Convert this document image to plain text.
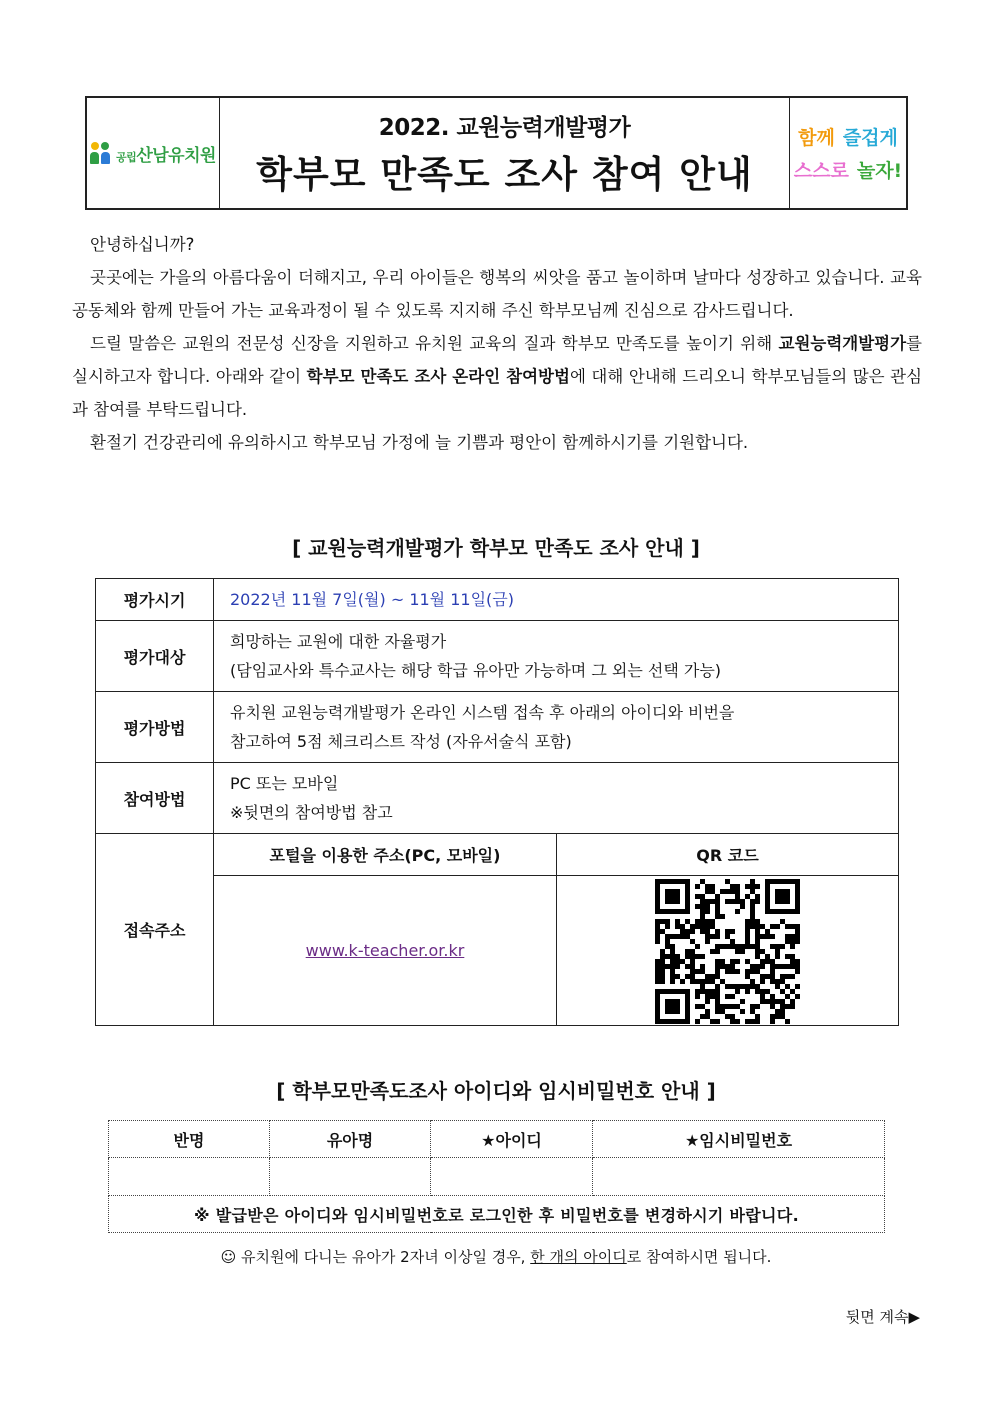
공립산남유치원
2022. 교원능력개발평가
학부모 만족도 조사 참여 안내
함께 즐겁게
스스로 놀자!

안녕하십니까?

곳곳에는 가을의 아름다움이 더해지고, 우리 아이들은 행복의 씨앗을 품고 놀이하며 날마다 성장하고 있습니다. 교육공동체와 함께 만들어 가는 교육과정이 될 수 있도록 지지해 주신 학부모님께 진심으로 감사드립니다.

드릴 말씀은 교원의 전문성 신장을 지원하고 유치원 교육의 질과 학부모 만족도를 높이기 위해 교원능력개발평가를 실시하고자 합니다. 아래와 같이 학부모 만족도 조사 온라인 참여방법에 대해 안내해 드리오니 학부모님들의 많은 관심과 참여를 부탁드립니다.

환절기 건강관리에 유의하시고 학부모님 가정에 늘 기쁨과 평안이 함께하시기를 기원합니다.

[ 교원능력개발평가 학부모 만족도 조사 안내 ]
평가시기	2022년 11월 7일(월) ~ 11월 11일(금)	
평가대상	희망하는 교원에 대한 자율평가
(담임교사와 특수교사는 해당 학급 유아만 가능하며 그 외는 선택 가능)	

평가방법	유치원 교원능력개발평가 온라인 시스템 접속 후 아래의 아이디와 비번을
참고하여 5점 체크리스트 작성 (자유서술식 포함)	

참여방법	PC 또는 모바일
※뒷면의 참여방법 참고	

접속주소	포털을 이용한 주소(PC, 모바일)	QR 코드
	www.k-teacher.or.kr	
[ 학부모만족도조사 아이디와 임시비밀번호 안내 ]
반명	유아명	★아이디	★임시비밀번호

※ 발급받은 아이디와 임시비밀번호로 로그인한 후 비밀번호를 변경하시기 바랍니다.			
☺ 유치원에 다니는 유아가 2자녀 이상일 경우, 한 개의 아이디로 참여하시면 됩니다.
뒷면 계속▶
